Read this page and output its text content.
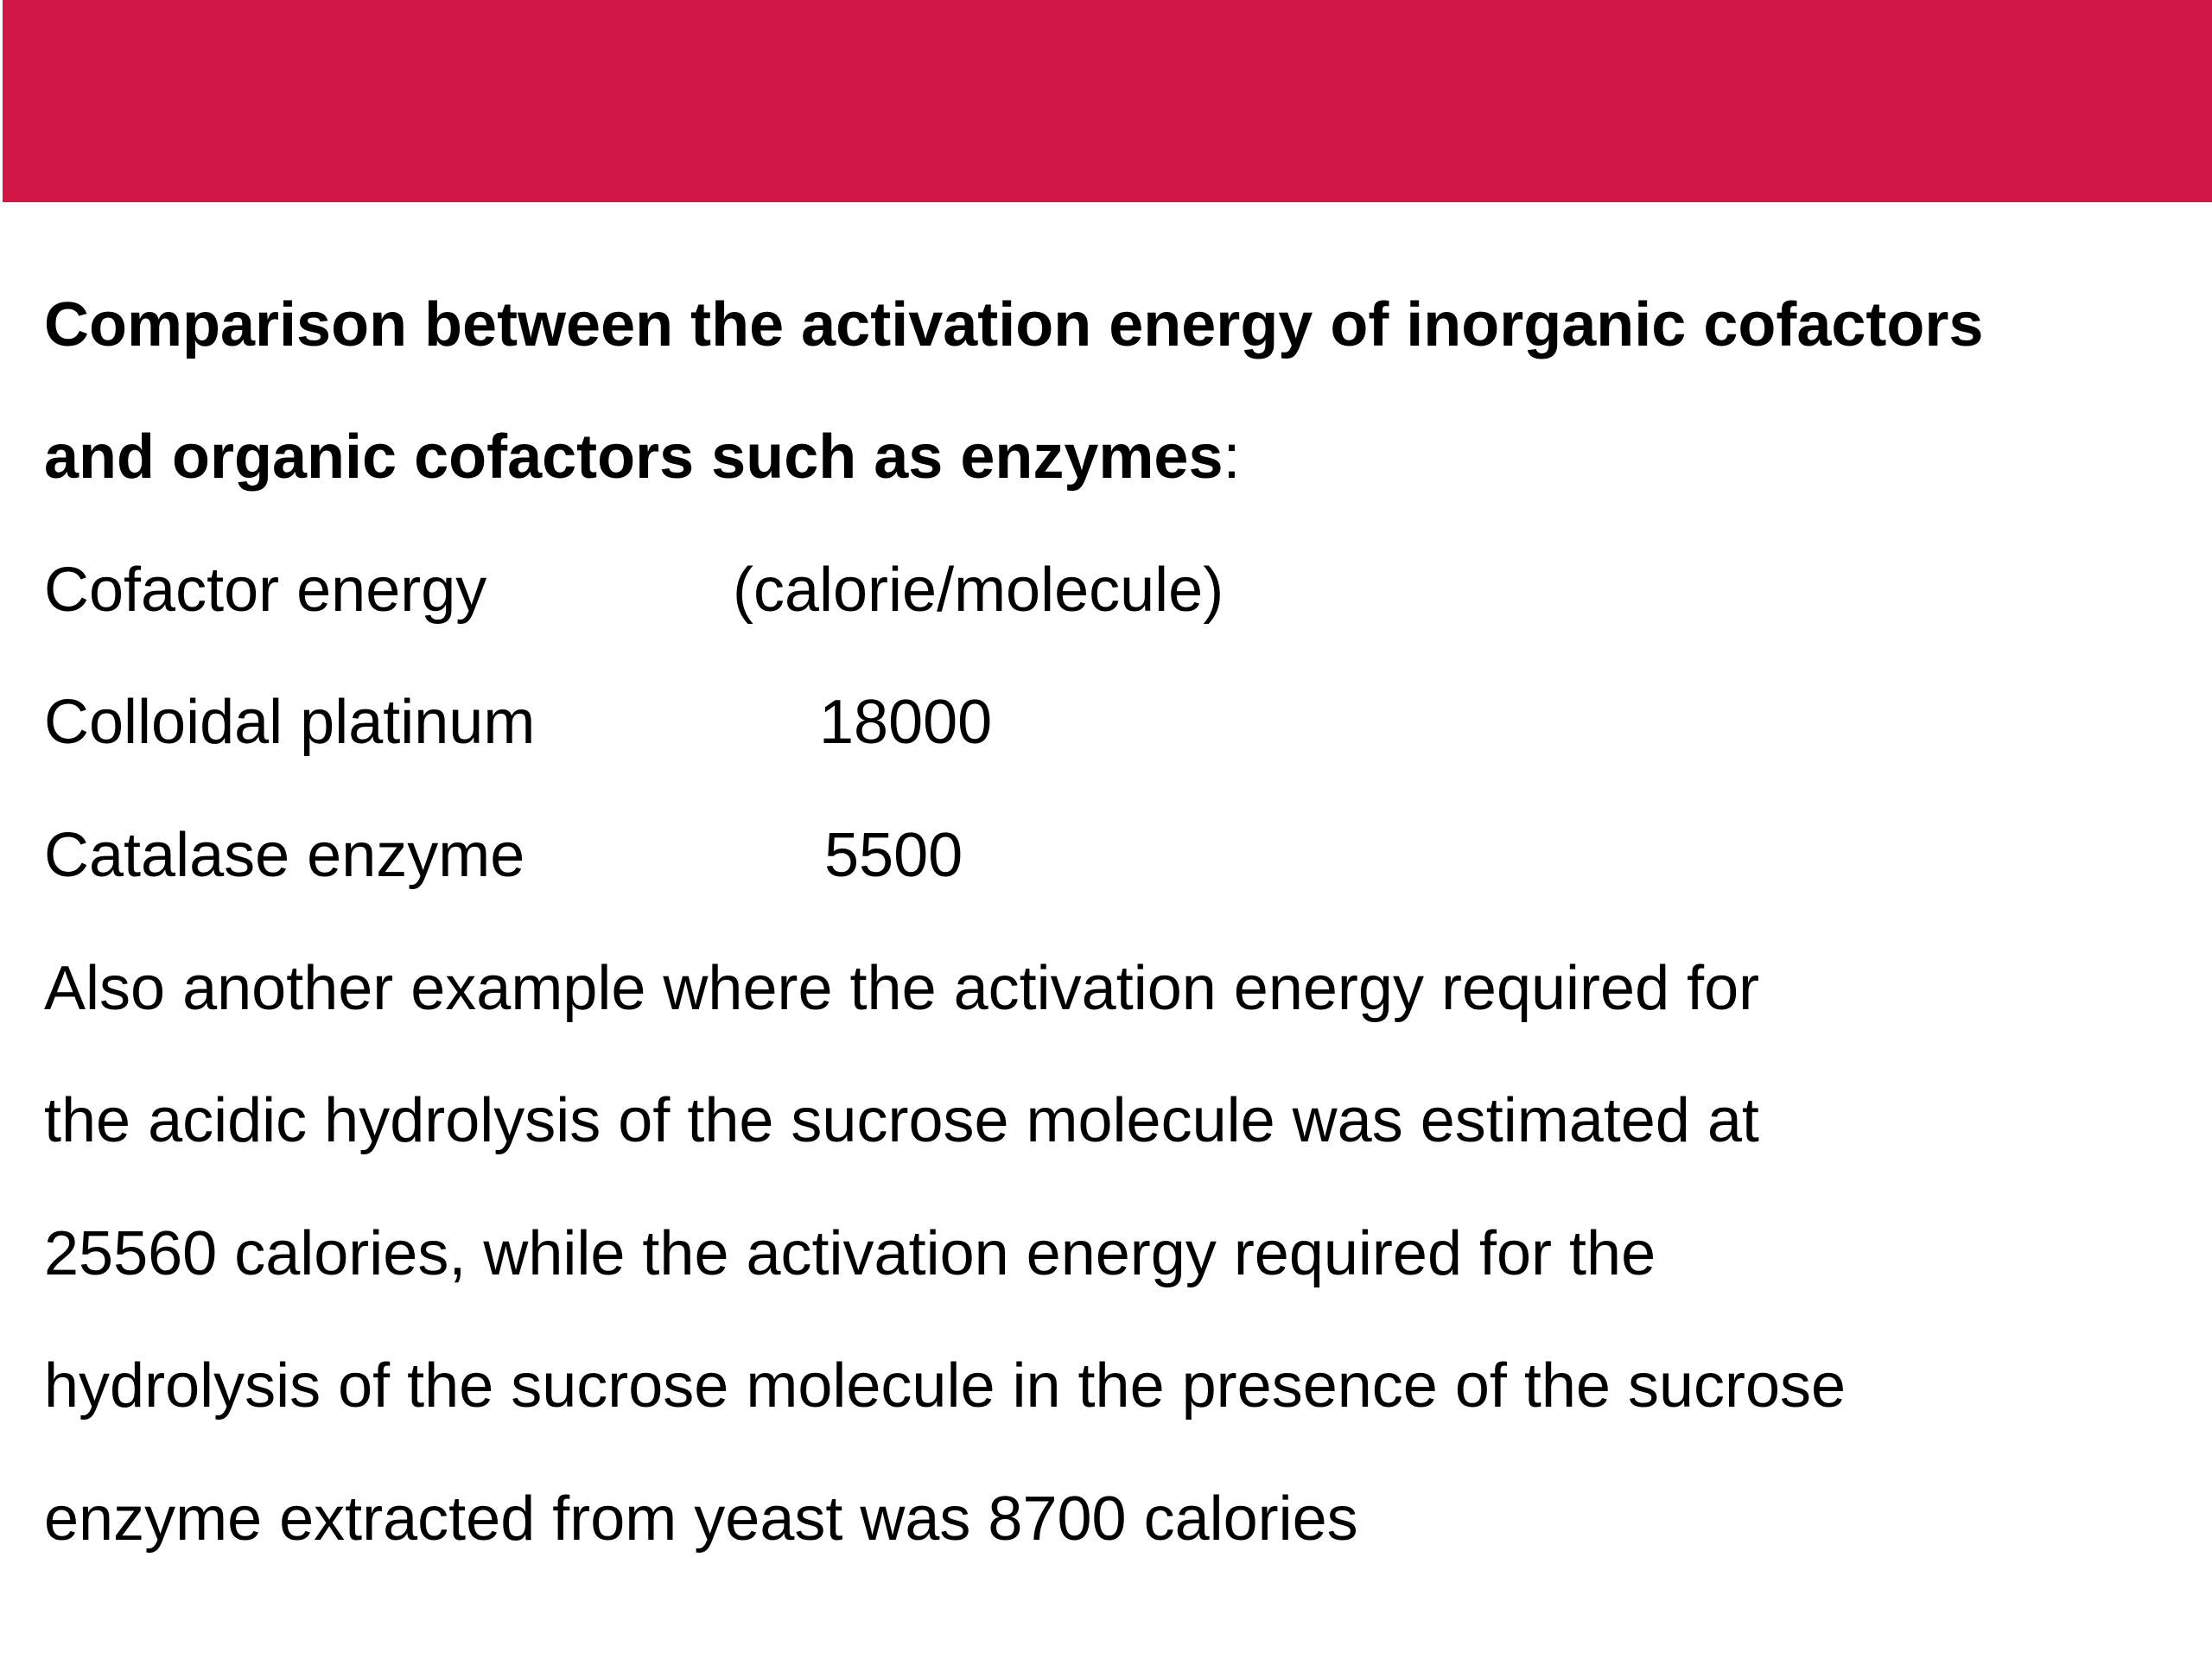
Comparison between the activation energy of inorganic cofactors
and organic cofactors such as enzymes:
Cofactor energy	(calorie/molecule)
Colloidal platinum	18000
Catalase enzyme	5500
Also another example where the activation energy required for
the acidic hydrolysis of the sucrose molecule was estimated at
25560 calories, while the activation energy required for the
hydrolysis of the sucrose molecule in the presence of the sucrose
enzyme extracted from yeast was 8700 calories
